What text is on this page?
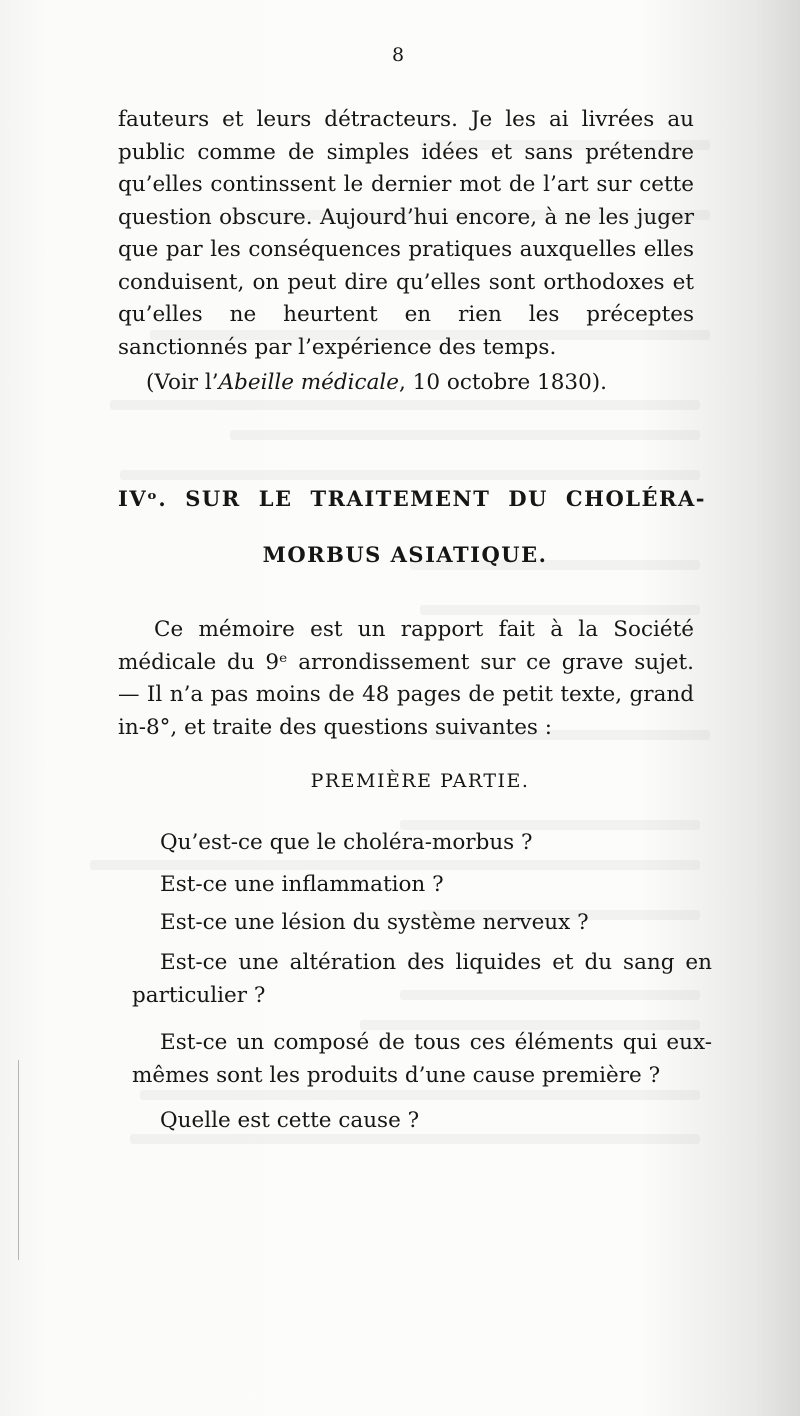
8

fauteurs et leurs détracteurs. Je les ai livrées au public comme de simples idées et sans prétendre qu’elles continssent le dernier mot de l’art sur cette question obscure. Aujourd’hui encore, à ne les juger que par les conséquences pratiques auxquelles elles conduisent, on peut dire qu’elles sont orthodoxes et qu’elles ne heurtent en rien les préceptes sanctionnés par l’expérience des temps.

(Voir l’Abeille médicale, 10 octobre 1830).

IVᵒ. SUR LE TRAITEMENT DU CHOLÉRA-

MORBUS ASIATIQUE.

Ce mémoire est un rapport fait à la Société médicale du 9ᵉ arrondissement sur ce grave sujet. — Il n’a pas moins de 48 pages de petit texte, grand in-8°, et traite des questions suivantes :

PREMIÈRE PARTIE.

Qu’est-ce que le choléra-morbus ?

Est-ce une inflammation ?

Est-ce une lésion du système nerveux ?

Est-ce une altération des liquides et du sang en particulier ?

Est-ce un composé de tous ces éléments qui eux-mêmes sont les produits d’une cause première ?

Quelle est cette cause ?
